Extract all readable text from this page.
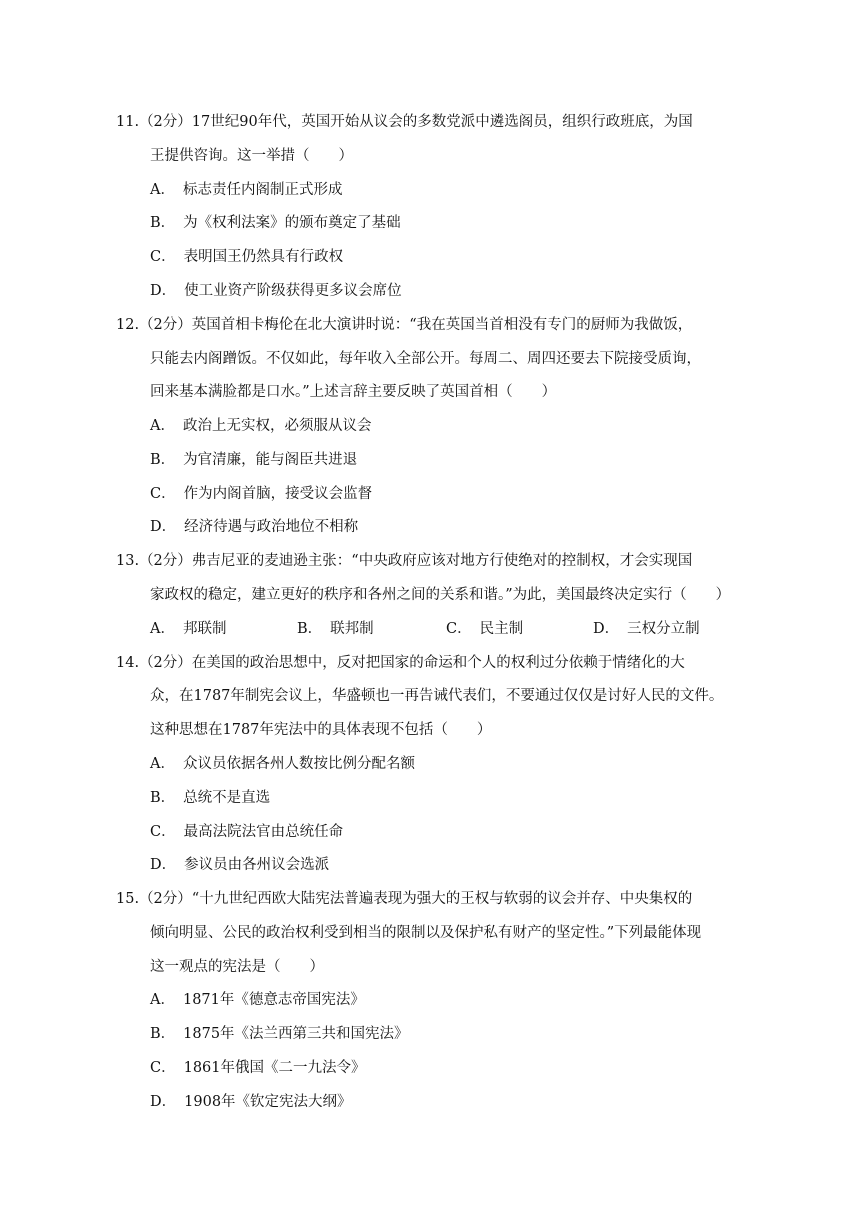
11.（2分）17世纪90年代，英国开始从议会的多数党派中遴选阁员，组织行政班底，为国
王提供咨询。这一举措（　　）
A． 标志责任内阁制正式形成
B． 为《权利法案》的颁布奠定了基础
C． 表明国王仍然具有行政权
D． 使工业资产阶级获得更多议会席位
12.（2分）英国首相卡梅伦在北大演讲时说：“我在英国当首相没有专门的厨师为我做饭，
只能去内阁蹭饭。不仅如此，每年收入全部公开。每周二、周四还要去下院接受质询，
回来基本满脸都是口水。”上述言辞主要反映了英国首相（　　）
A． 政治上无实权，必须服从议会
B． 为官清廉，能与阁臣共进退
C． 作为内阁首脑，接受议会监督
D． 经济待遇与政治地位不相称
13.（2分）弗吉尼亚的麦迪逊主张：“中央政府应该对地方行使绝对的控制权，才会实现国
家政权的稳定，建立更好的秩序和各州之间的关系和谐。”为此，美国最终决定实行（　　）
A． 邦联制	B． 联邦制	C． 民主制	D． 三权分立制
14.（2分）在美国的政治思想中，反对把国家的命运和个人的权利过分依赖于情绪化的大
众，在1787年制宪会议上，华盛顿也一再告诫代表们，不要通过仅仅是讨好人民的文件。
这种思想在1787年宪法中的具体表现不包括（　　）
A． 众议员依据各州人数按比例分配名额
B． 总统不是直选
C． 最高法院法官由总统任命
D． 参议员由各州议会选派
15.（2分）“十九世纪西欧大陆宪法普遍表现为强大的王权与软弱的议会并存、中央集权的
倾向明显、公民的政治权利受到相当的限制以及保护私有财产的坚定性。”下列最能体现
这一观点的宪法是（　　）
A． 1871年《德意志帝国宪法》
B． 1875年《法兰西第三共和国宪法》
C． 1861年俄国《二一九法令》
D． 1908年《钦定宪法大纲》
